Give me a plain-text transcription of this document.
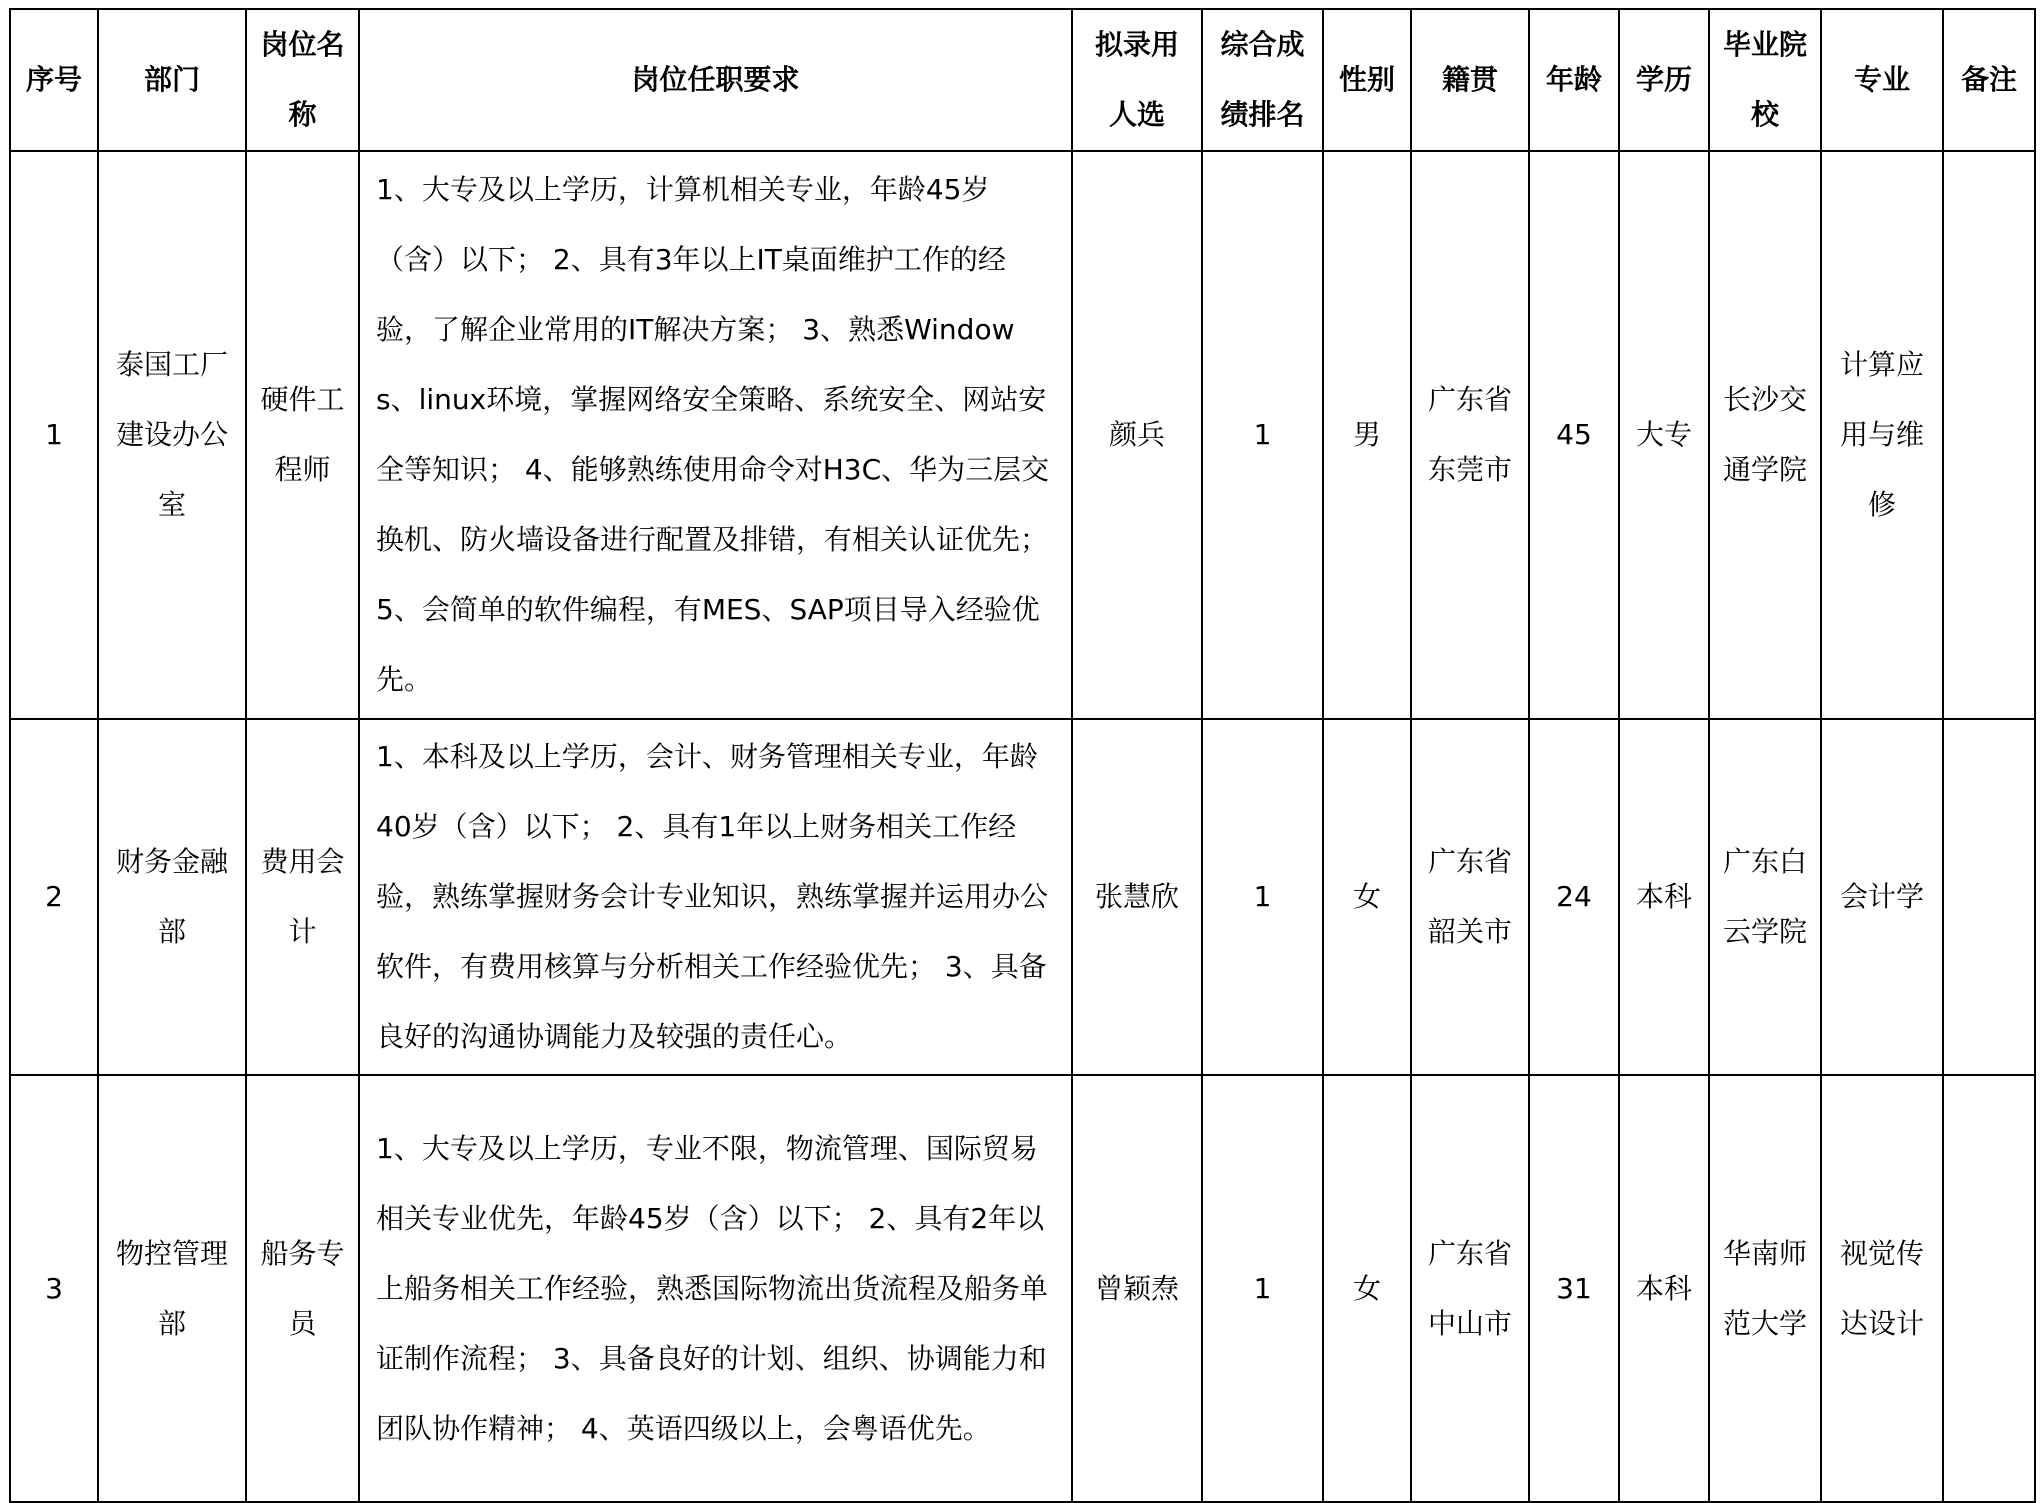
序号	部门	岗位名称	岗位任职要求	拟录用人选	综合成绩排名	性别	籍贯	年龄	学历	毕业院校	专业	备注
1	泰国工厂建设办公室	硬件工程师	1、大专及以上学历，计算机相关专业，年龄45岁（含）以下； 2、具有3年以上IT桌面维护工作的经验，了解企业常用的IT解决方案； 3、熟悉Windows、linux环境，掌握网络安全策略、系统安全、网站安全等知识； 4、能够熟练使用命令对H3C、华为三层交换机、防火墙设备进行配置及排错，有相关认证优先； 5、会简单的软件编程，有MES、SAP项目导入经验优先。	颜兵	1	男	广东省东莞市	45	大专	长沙交通学院	计算应用与维修	
2	财务金融部	费用会计	1、本科及以上学历，会计、财务管理相关专业，年龄40岁（含）以下； 2、具有1年以上财务相关工作经验，熟练掌握财务会计专业知识，熟练掌握并运用办公软件，有费用核算与分析相关工作经验优先； 3、具备良好的沟通协调能力及较强的责任心。	张慧欣	1	女	广东省韶关市	24	本科	广东白云学院	会计学	
3	物控管理部	船务专员	1、大专及以上学历，专业不限，物流管理、国际贸易相关专业优先，年龄45岁（含）以下； 2、具有2年以上船务相关工作经验，熟悉国际物流出货流程及船务单证制作流程； 3、具备良好的计划、组织、协调能力和团队协作精神； 4、英语四级以上，会粤语优先。	曾颖焘	1	女	广东省中山市	31	本科	华南师范大学	视觉传达设计	
